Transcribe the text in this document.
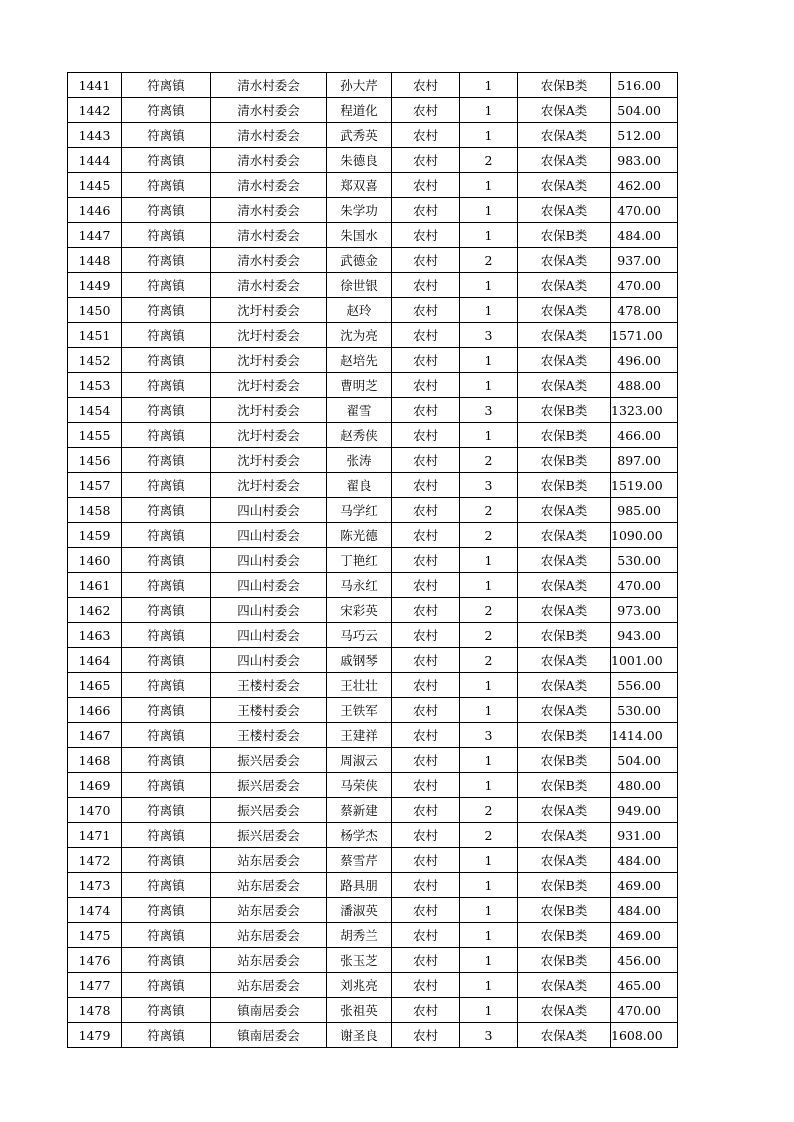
1441	符离镇	清水村委会	孙大芹	农村	1	农保B类	516.00
1442	符离镇	清水村委会	程道化	农村	1	农保A类	504.00
1443	符离镇	清水村委会	武秀英	农村	1	农保A类	512.00
1444	符离镇	清水村委会	朱德良	农村	2	农保A类	983.00
1445	符离镇	清水村委会	郑双喜	农村	1	农保A类	462.00
1446	符离镇	清水村委会	朱学功	农村	1	农保A类	470.00
1447	符离镇	清水村委会	朱国水	农村	1	农保B类	484.00
1448	符离镇	清水村委会	武德金	农村	2	农保A类	937.00
1449	符离镇	清水村委会	徐世银	农村	1	农保A类	470.00
1450	符离镇	沈圩村委会	赵玲	农村	1	农保A类	478.00
1451	符离镇	沈圩村委会	沈为亮	农村	3	农保A类	1571.00
1452	符离镇	沈圩村委会	赵培先	农村	1	农保A类	496.00
1453	符离镇	沈圩村委会	曹明芝	农村	1	农保A类	488.00
1454	符离镇	沈圩村委会	翟雪	农村	3	农保B类	1323.00
1455	符离镇	沈圩村委会	赵秀侠	农村	1	农保B类	466.00
1456	符离镇	沈圩村委会	张涛	农村	2	农保B类	897.00
1457	符离镇	沈圩村委会	翟良	农村	3	农保B类	1519.00
1458	符离镇	四山村委会	马学红	农村	2	农保A类	985.00
1459	符离镇	四山村委会	陈光德	农村	2	农保A类	1090.00
1460	符离镇	四山村委会	丁艳红	农村	1	农保A类	530.00
1461	符离镇	四山村委会	马永红	农村	1	农保A类	470.00
1462	符离镇	四山村委会	宋彩英	农村	2	农保A类	973.00
1463	符离镇	四山村委会	马巧云	农村	2	农保B类	943.00
1464	符离镇	四山村委会	戚钢琴	农村	2	农保A类	1001.00
1465	符离镇	王楼村委会	王壮壮	农村	1	农保A类	556.00
1466	符离镇	王楼村委会	王铁军	农村	1	农保A类	530.00
1467	符离镇	王楼村委会	王建祥	农村	3	农保B类	1414.00
1468	符离镇	振兴居委会	周淑云	农村	1	农保B类	504.00
1469	符离镇	振兴居委会	马荣侠	农村	1	农保B类	480.00
1470	符离镇	振兴居委会	蔡新建	农村	2	农保A类	949.00
1471	符离镇	振兴居委会	杨学杰	农村	2	农保A类	931.00
1472	符离镇	站东居委会	蔡雪芹	农村	1	农保A类	484.00
1473	符离镇	站东居委会	路具朋	农村	1	农保B类	469.00
1474	符离镇	站东居委会	潘淑英	农村	1	农保B类	484.00
1475	符离镇	站东居委会	胡秀兰	农村	1	农保B类	469.00
1476	符离镇	站东居委会	张玉芝	农村	1	农保B类	456.00
1477	符离镇	站东居委会	刘兆亮	农村	1	农保A类	465.00
1478	符离镇	镇南居委会	张祖英	农村	1	农保A类	470.00
1479	符离镇	镇南居委会	谢圣良	农村	3	农保A类	1608.00
